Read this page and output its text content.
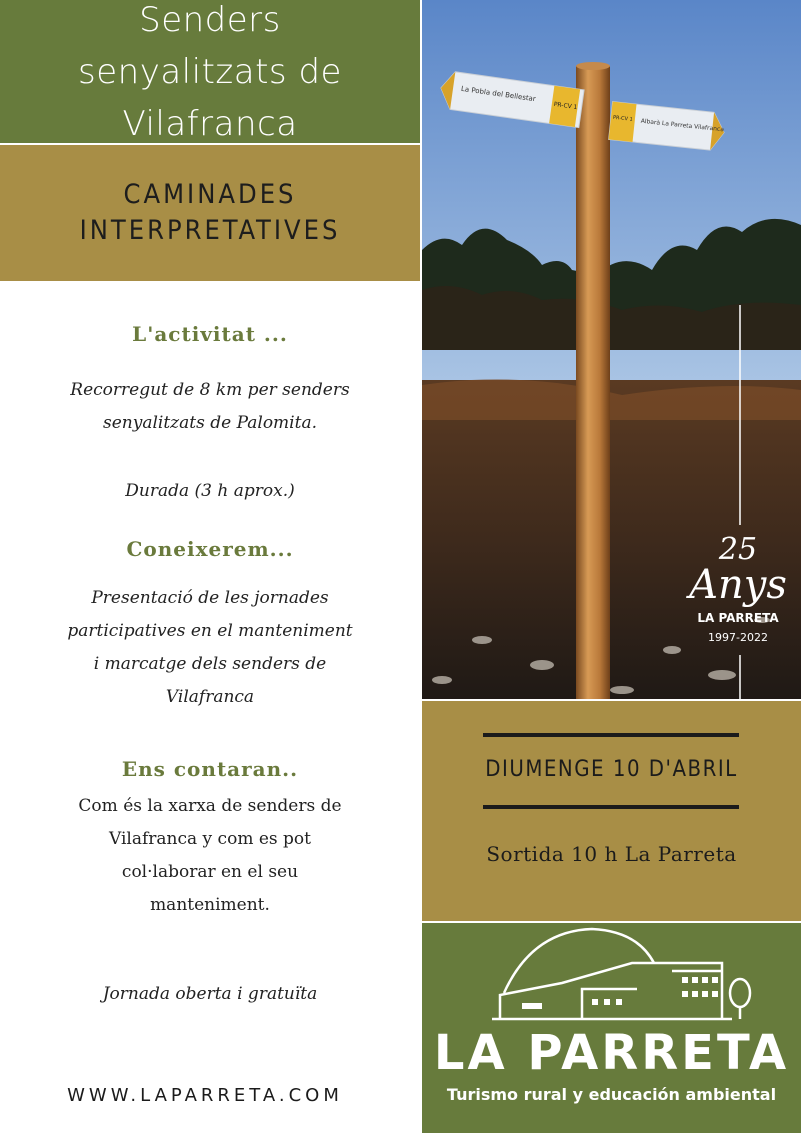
Senders senyalitzats de Vilafranca
CAMINADES INTERPRETATIVES
La Pobla del Bellestar
PR-CV 1
Albarà La Parreta Vilafranca
PR-CV 1
25
Anys
LA PARRETA
1997-2022
L'activitat ...
Recorregut de 8 km per senders
senyalitzats de Palomita.
Durada (3 h aprox.)
Coneixerem...
Presentació de les jornades
participatives en el manteniment
i marcatge dels senders de
Vilafranca
Ens contaran..
Com és la xarxa de senders de
Vilafranca y com es pot
col·laborar en el seu
manteniment.
Jornada oberta i gratuïta
WWW.LAPARRETA.COM
DIUMENGE 10 D'ABRIL
Sortida 10 h La Parreta
LA PARRETA
Turismo rural y educación ambiental
